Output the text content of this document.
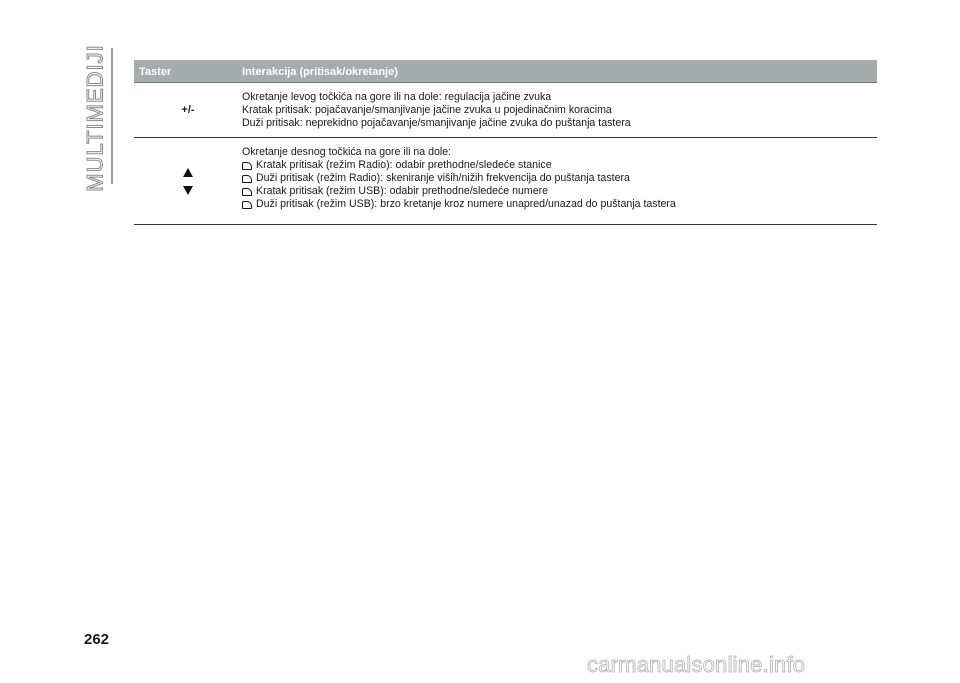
MULTIMEDIJI	Taster	Interakcija (pritisak/okretanje)
+/-
Okretanje levog točkića na gore ili na dole: regulacija jačine zvuka
Kratak pritisak: pojačavanje/smanjivanje jačine zvuka u pojedinačnim koracima
Duži pritisak: neprekidno pojačavanje/smanjivanje jačine zvuka do puštanja tastera
Okretanje desnog točkića na gore ili na dole:
Kratak pritisak (režim Radio): odabir prethodne/sledeće stanice
Duži pritisak (režim Radio): skeniranje viših/nižih frekvencija do puštanja tastera
Kratak pritisak (režim USB): odabir prethodne/sledeće numere
Duži pritisak (režim USB): brzo kretanje kroz numere unapred/unazad do puštanja tastera
262
carmanualsonline.info
